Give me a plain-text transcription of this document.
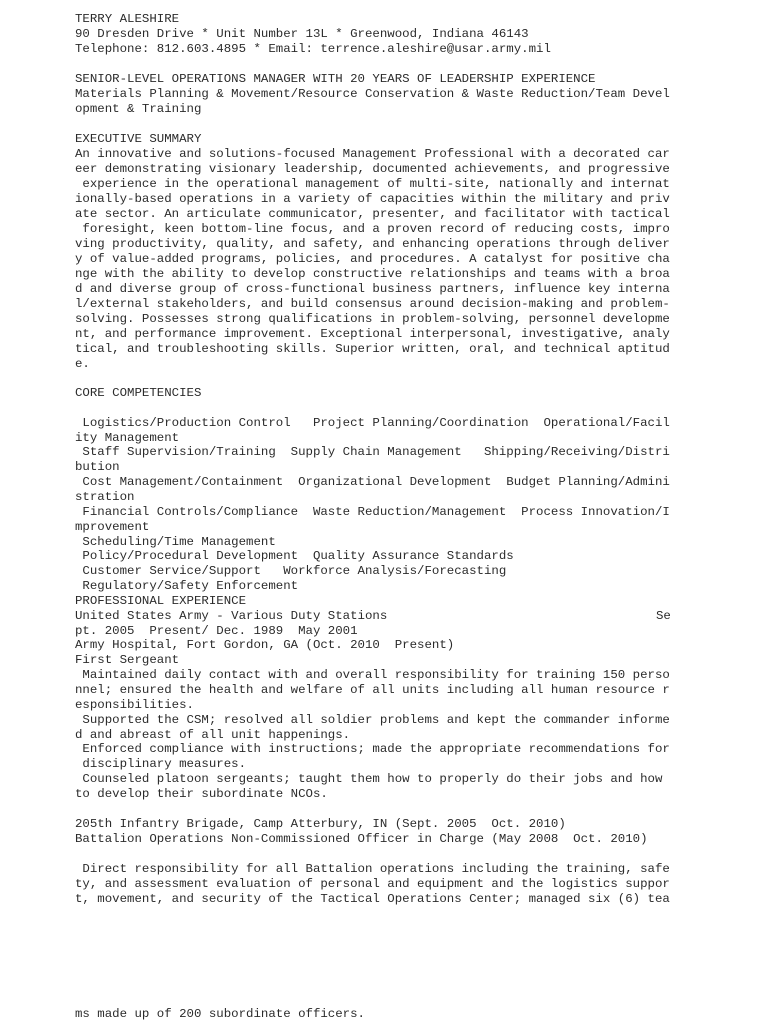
TERRY ALESHIRE
90 Dresden Drive * Unit Number 13L * Greenwood, Indiana 46143
Telephone: 812.603.4895 * Email: terrence.aleshire@usar.army.mil
SENIOR-LEVEL OPERATIONS MANAGER WITH 20 YEARS OF LEADERSHIP EXPERIENCE
Materials Planning & Movement/Resource Conservation & Waste Reduction/Team Devel
opment & Training
EXECUTIVE SUMMARY
An innovative and solutions-focused Management Professional with a decorated car
eer demonstrating visionary leadership, documented achievements, and progressive
experience in the operational management of multi-site, nationally and internat
ionally-based operations in a variety of capacities within the military and priv
ate sector. An articulate communicator, presenter, and facilitator with tactical
foresight, keen bottom-line focus, and a proven record of reducing costs, impro
ving productivity, quality, and safety, and enhancing operations through deliver
y of value-added programs, policies, and procedures. A catalyst for positive cha
nge with the ability to develop constructive relationships and teams with a broa
d and diverse group of cross-functional business partners, influence key interna
l/external stakeholders, and build consensus around decision-making and problem-
solving. Possesses strong qualifications in problem-solving, personnel developme
nt, and performance improvement. Exceptional interpersonal, investigative, analy
tical, and troubleshooting skills. Superior written, oral, and technical aptitud
e.
CORE COMPETENCIES
Logistics/Production Control   Project Planning/Coordination  Operational/Facil
ity Management
Staff Supervision/Training  Supply Chain Management   Shipping/Receiving/Distri
bution
Cost Management/Containment  Organizational Development  Budget Planning/Admini
stration
Financial Controls/Compliance  Waste Reduction/Management  Process Innovation/I
mprovement
Scheduling/Time Management
Policy/Procedural Development  Quality Assurance Standards
Customer Service/Support   Workforce Analysis/Forecasting
Regulatory/Safety Enforcement
PROFESSIONAL EXPERIENCE
United States Army - Various Duty Stations	Se
pt. 2005  Present/ Dec. 1989  May 2001
Army Hospital, Fort Gordon, GA (Oct. 2010  Present)
First Sergeant
Maintained daily contact with and overall responsibility for training 150 perso
nnel; ensured the health and welfare of all units including all human resource r
esponsibilities.
Supported the CSM; resolved all soldier problems and kept the commander informe
d and abreast of all unit happenings.
Enforced compliance with instructions; made the appropriate recommendations for
disciplinary measures.
Counseled platoon sergeants; taught them how to properly do their jobs and how
to develop their subordinate NCOs.
205th Infantry Brigade, Camp Atterbury, IN (Sept. 2005  Oct. 2010)
Battalion Operations Non-Commissioned Officer in Charge (May 2008  Oct. 2010)
Direct responsibility for all Battalion operations including the training, safe
ty, and assessment evaluation of personal and equipment and the logistics suppor
t, movement, and security of the Tactical Operations Center; managed six (6) tea
ms made up of 200 subordinate officers.
